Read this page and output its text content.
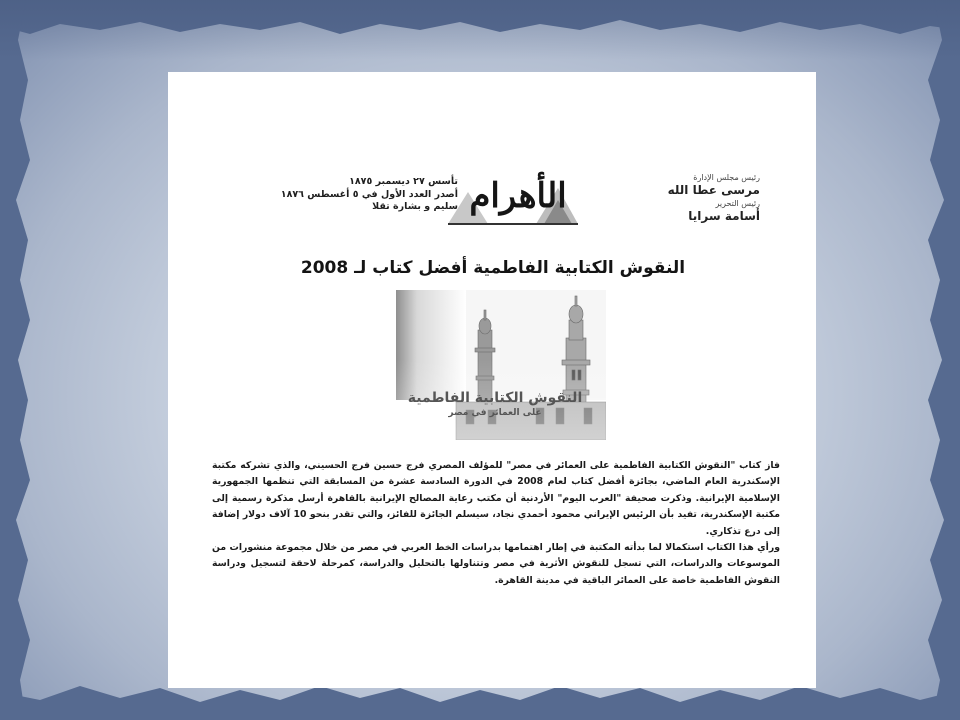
تأسس ٢٧ ديسمبر ١٨٧٥
أصدر العدد الأول في ٥ أغسطس ١٨٧٦
سليم و بشارة تقلا الأهرام	رئيس مجلس الإدارة
مرسى عطا الله
رئيس التحرير
أسامة سرايا
النقوش الكتابية الفاطمية أفضل كتاب لـ 2008
النقوش الكتابية الفاطمية
على العمائر في مصر

فاز كتاب "النقوش الكتابية الفاطمية على العمائر في مصر" للمؤلف المصري فرج حسين فرج الحسيني، والذي تشركه مكتبة الإسكندرية العام الماضي، بجائزة أفضل كتاب لعام 2008 في الدورة السادسة عشرة من المسابقة التي تنظمها الجمهورية الإسلامية الإيرانية. وذكرت صحيفة "العرب اليوم" الأردنية أن مكتب رعاية المصالح الإيرانية بالقاهرة أرسل مذكرة رسمية إلى مكتبة الإسكندرية، تفيد بأن الرئيس الإيراني محمود أحمدي نجاد، سيسلم الجائزة للفائز، والتي تقدر بنحو 10 آلاف دولار إضافة إلى درع تذكاري.

ورأي هذا الكتاب استكمالا لما بدأته المكتبة في إطار اهتمامها بدراسات الخط العربي في مصر من خلال مجموعة منشورات من الموسوعات والدراسات، التي تسجل للنقوش الأثرية في مصر وتتناولها بالتحليل والدراسة، كمرحلة لاحقة لتسجيل ودراسة النقوش الفاطمية خاصة على العمائر الباقية في مدينة القاهرة.
